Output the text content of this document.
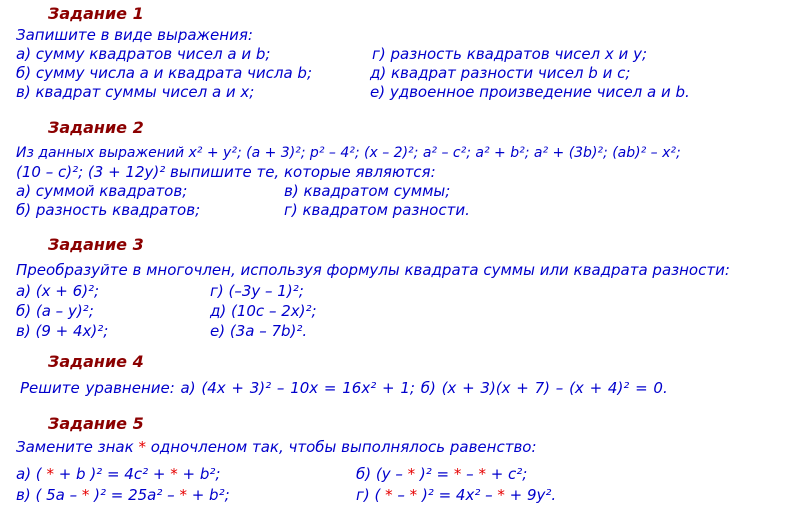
Задание 1
Запишите в виде выражения:
а) сумму квадратов чисел а и b;
б) сумму числа а и квадрата числа b;
в) квадрат суммы чисел а и х;
г) разность квадратов чисел х и у;
д) квадрат разности чисел b и с;
е) удвоенное произведение чисел а и b.
Задание 2
Из данных выражений x² + y²; (a + 3)²; p² – 4²; (x – 2)²; a² – c²; a² + b²; a² + (3b)²; (ab)² – x²;
(10 – c)²; (3 + 12y)² выпишите те, которые являются:
а) суммой квадратов;
б) разность квадратов;
в) квадратом суммы;
г) квадратом разности.
Задание 3
Преобразуйте в многочлен, используя формулы квадрата суммы или квадрата разности:
а) (x + 6)²;
б) (a – y)²;
в) (9 + 4x)²;
г) (–3y – 1)²;
д) (10c – 2x)²;
е) (3a – 7b)².
Задание 4
Решите уравнение: а) (4x + 3)² – 10x = 16x² + 1; б) (x + 3)(x + 7) – (x + 4)² = 0.
Задание 5
Замените знак * одночленом так, чтобы выполнялось равенство:
а) ( * + b )² = 4c² + * + b²;
в) ( 5a – * )² = 25a² – * + b²;
б) (y – * )² = * – * + c²;
г) ( * – * )² = 4x² – * + 9y².
